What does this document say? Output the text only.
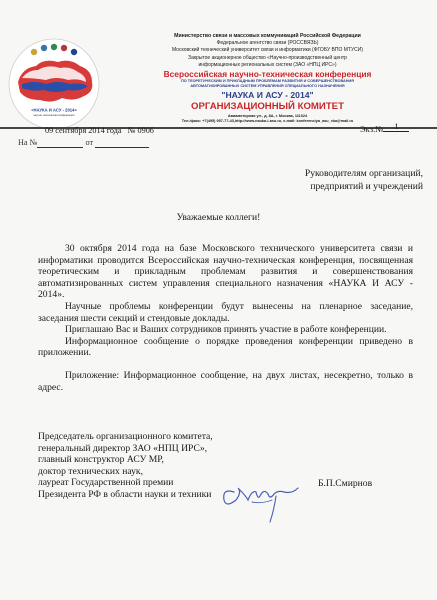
«НАУКА И АСУ - 2014»
научно-техническая конференция
Министерство связи и массовых коммуникаций Российской Федерации
Федеральное агентство связи (РОССВЯЗЬ)
Московский технический университет связи и информатики (ФГОБУ ВПО МТУСИ)
Закрытое акционерное общество «Научно-производственный центр
информационных региональных систем (ЗАО «НПЦ ИРС»)
Всероссийская научно-техническая конференция
ПО ТЕОРЕТИЧЕСКИМ И ПРИКЛАДНЫМ ПРОБЛЕМАМ РАЗВИТИЯ И СОВЕРШЕНСТВОВАНИЯ
АВТОМАТИЗИРОВАННЫХ СИСТЕМ УПРАВЛЕНИЯ СПЕЦИАЛЬНОГО НАЗНАЧЕНИЯ
"НАУКА И АСУ - 2014"
ОРГАНИЗАЦИОННЫЙ КОМИТЕТ
Авиамоторная ул., д. 8А, г. Москва, 111024
Тел./факс: +7(495) 957-77-43,http://www.nauka-i-asu.ru, e-mail: konferenciya_asu_vka@mail.ru
09 сентября 2014 года № 0906	Экз.№ 1
На №	от
Руководителям организаций,
предприятий и учреждений
Уважаемые коллеги!

30 октября 2014 года на базе Московского технического университета связи и информатики проводится Всероссийская научно-техническая конференция, посвященная теоретическим и прикладным проблемам развития и совершенствования автоматизированных систем управления специального назначения «НАУКА И АСУ - 2014».

Научные проблемы конференции будут вынесены на пленарное заседание, заседания шести секций и стендовые доклады.

Приглашаю Вас и Ваших сотрудников принять участие в работе конференции.

Информационное сообщение о порядке проведения конференции приведено в приложении.

Приложение: Информационное сообщение, на двух листах, несекретно, только в адрес.

Председатель организационного комитета,
генеральный директор ЗАО «НПЦ ИРС»,
главный конструктор АСУ МР,
доктор технических наук,
лауреат Государственной премии
Президента РФ в области науки и техники
Б.П.Смирнов
